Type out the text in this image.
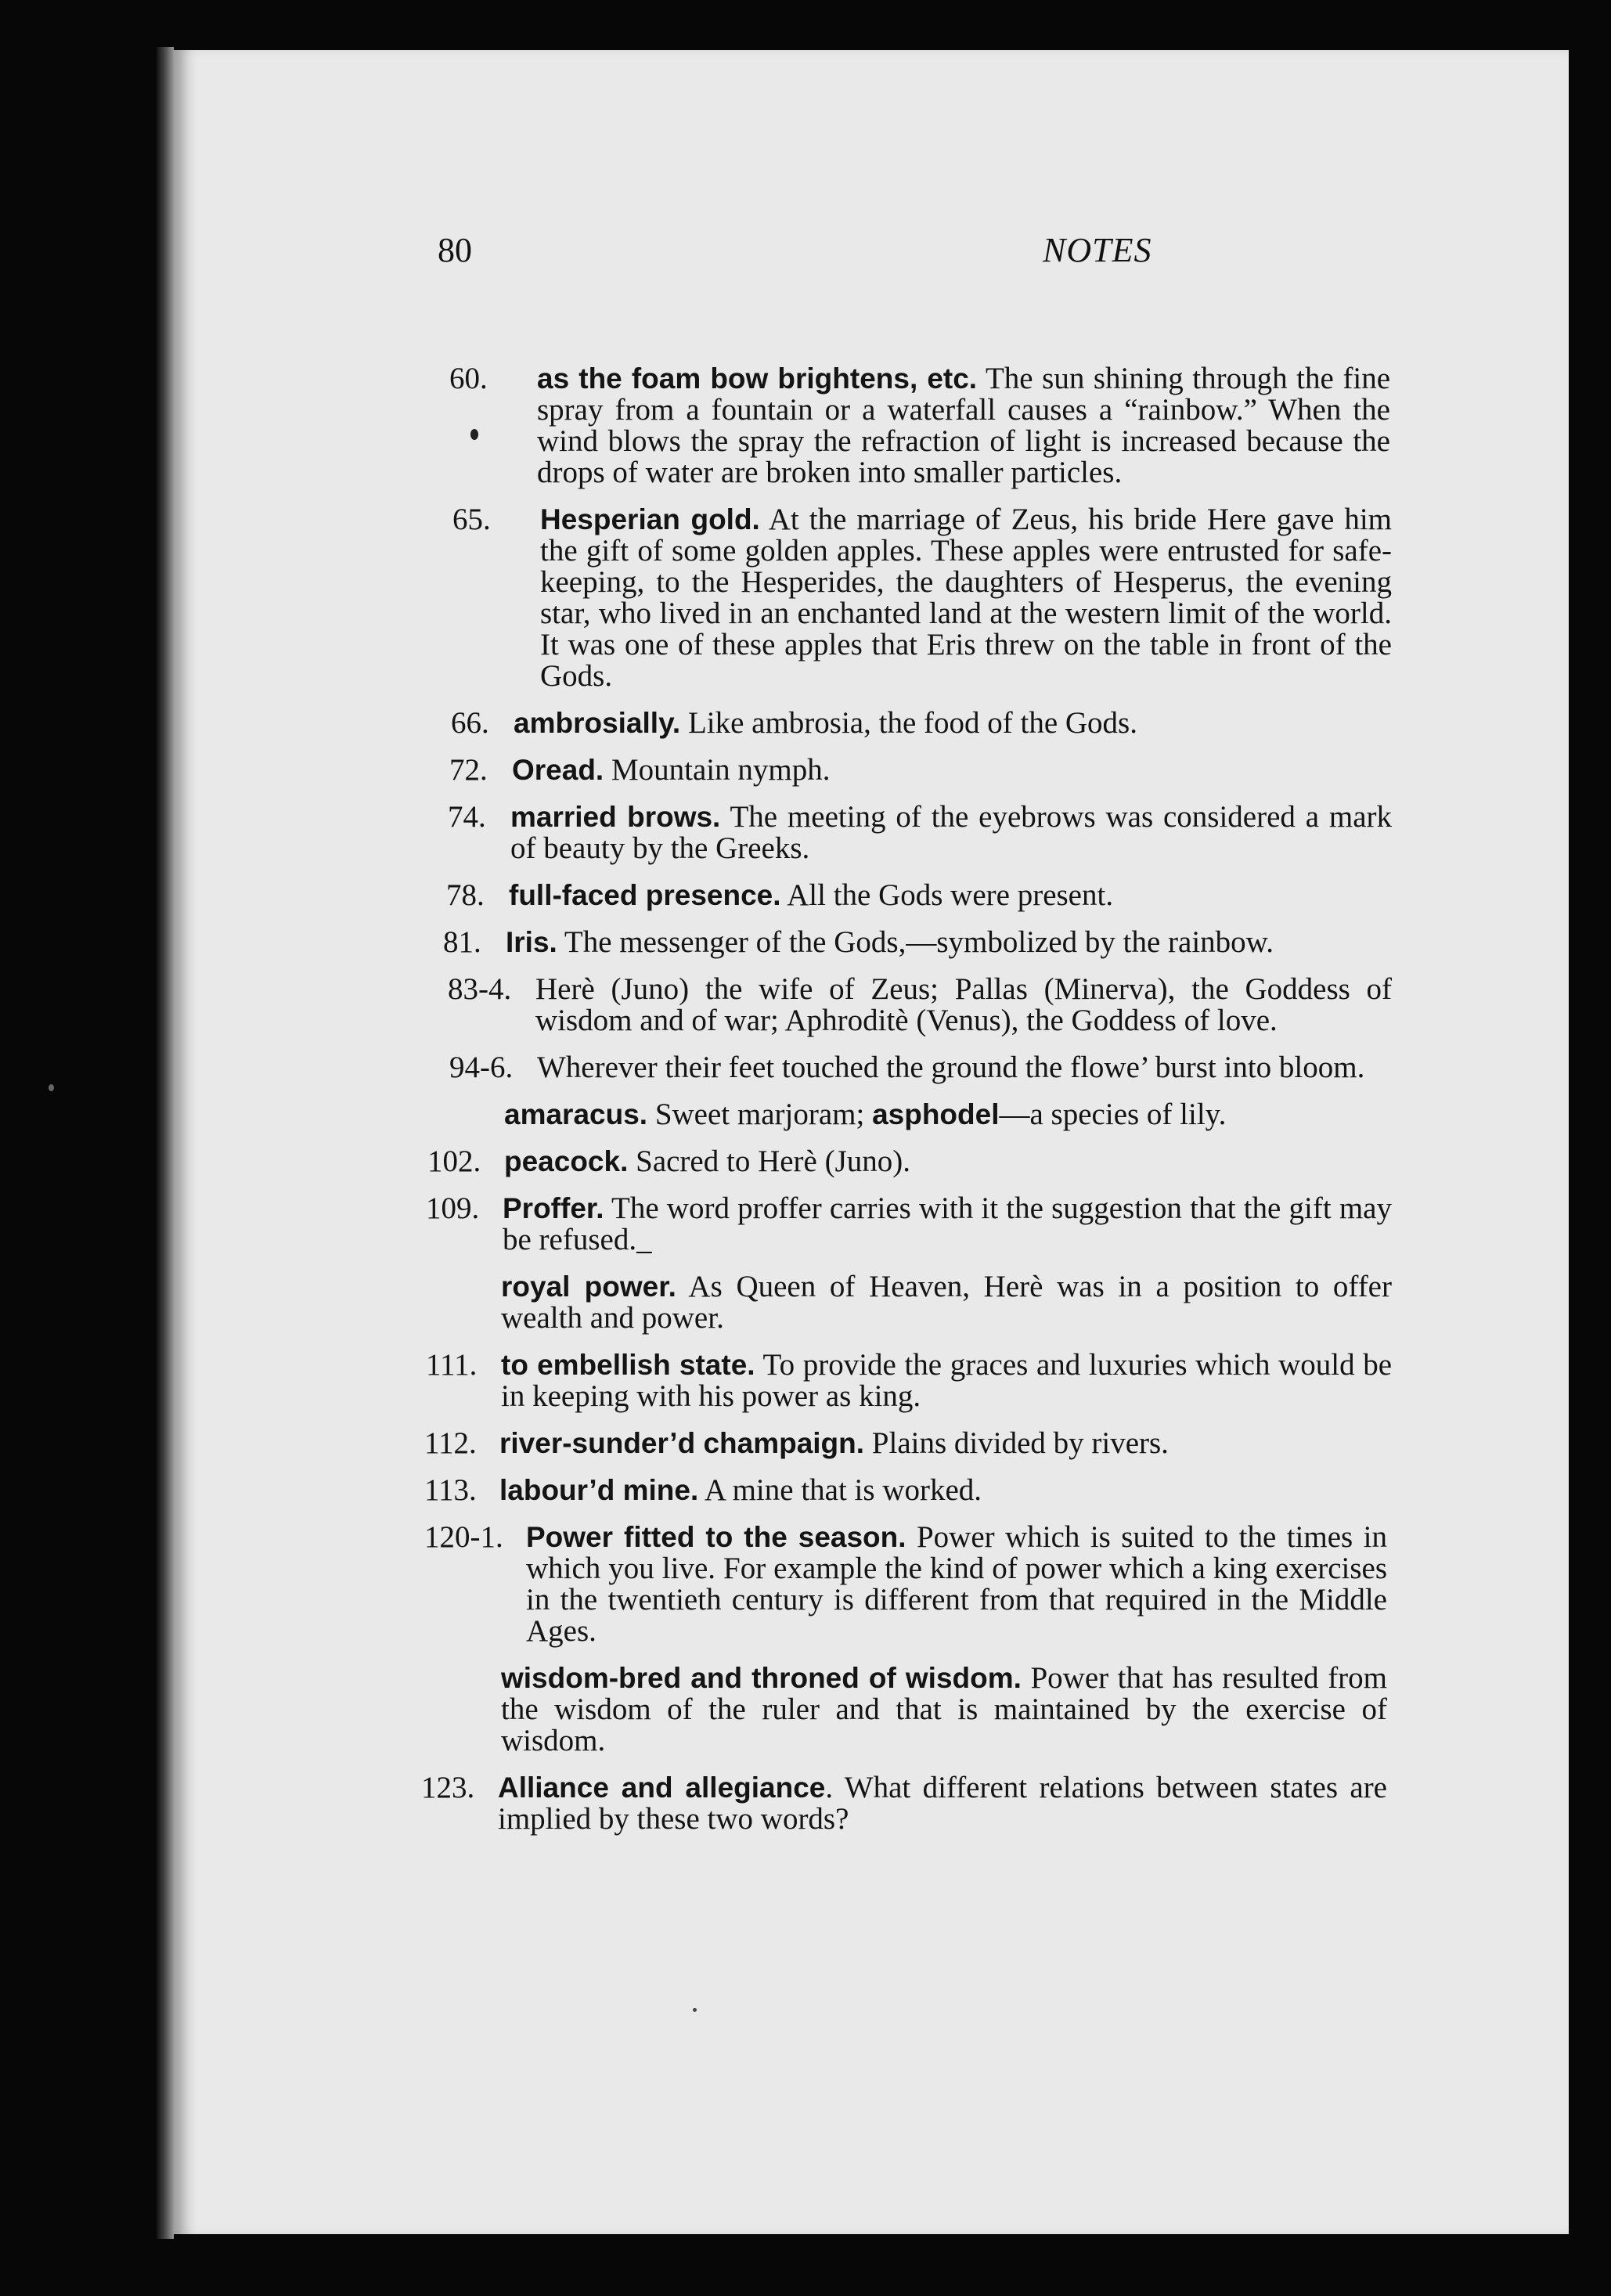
80	NOTES
60. as the foam bow brightens, etc. The sun shining through the fine spray from a fountain or a waterfall causes a “rainbow.” When the wind blows the spray the refraction of light is increased because the drops of water are broken into smaller particles.
65. Hesperian gold. At the marriage of Zeus, his bride Here gave him the gift of some golden apples. These apples were entrusted for safe-keeping, to the Hesperides, the daughters of Hesperus, the evening star, who lived in an enchanted land at the western limit of the world. It was one of these apples that Eris threw on the table in front of the Gods.
66. ambrosially. Like ambrosia, the food of the Gods.
72. Oread. Mountain nymph.
74. married brows. The meeting of the eyebrows was considered a mark of beauty by the Greeks.
78. full-faced presence. All the Gods were present.
81. Iris. The messenger of the Gods,—symbolized by the rainbow.
83-4. Herè (Juno) the wife of Zeus; Pallas (Minerva), the Goddess of wisdom and of war; Aphroditè (Venus), the Goddess of love.
94-6. Wherever their feet touched the ground the flowe’ burst into bloom.
amaracus. Sweet marjoram; asphodel—a species of lily.
102. peacock. Sacred to Herè (Juno).
109. Proffer. The word proffer carries with it the suggestion that the gift may be refused._
royal power. As Queen of Heaven, Herè was in a position to offer wealth and power.
111. to embellish state. To provide the graces and luxuries which would be in keeping with his power as king.
112. river-sunder’d champaign. Plains divided by rivers.
113. labour’d mine. A mine that is worked.
120-1. Power fitted to the season. Power which is suited to the times in which you live. For example the kind of power which a king exercises in the twentieth century is different from that required in the Middle Ages.
wisdom-bred and throned of wisdom. Power that has resulted from the wisdom of the ruler and that is maintained by the exercise of wisdom.
123. Alliance and allegiance. What different relations between states are implied by these two words?
